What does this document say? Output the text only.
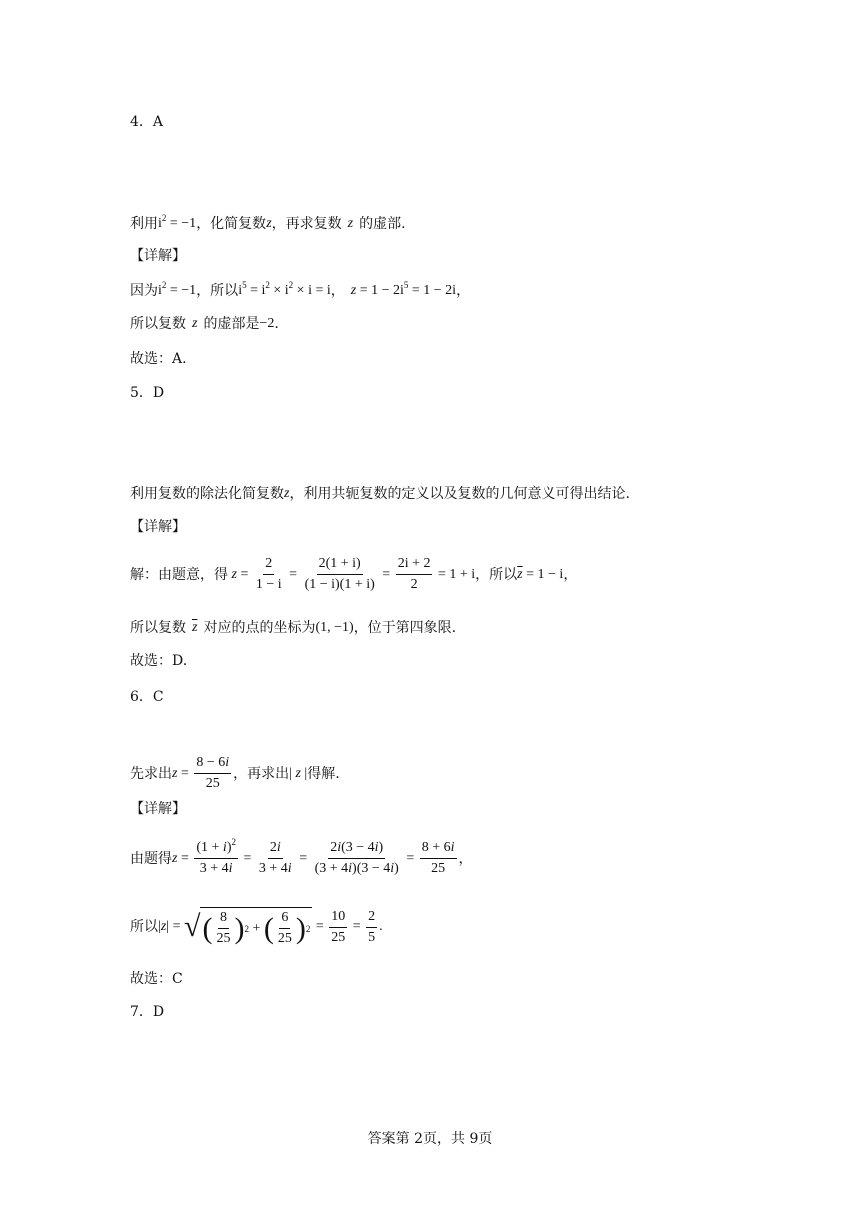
4．A
利用 $i^2 = -1$ ，化简复数 z ，再求复数 z 的虚部.
【详解】
因为 $i^2 = -1$ ，所以 $i^5 = i^2 \times i^2 \times i = i$ ， $z = 1 - 2i^5 = 1 - 2i$ ，
所以复数 z 的虚部是 −2 .
故选：A.
5．D
利用复数的除法化简复数 z ，利用共轭复数的定义以及复数的几何意义可得出结论.
【详解】
解：由题意，得 $z = \frac{2}{1 - i} = \frac{2(1 + i)}{(1 - i)(1 + i)} = \frac{2i + 2}{2} = 1 + i$ ，所以 $\overline{z} = 1 - i$ ，
所以复数 $\overline{z}$ 对应的点的坐标为 (1, −1) ，位于第四象限.
故选：D.
6．C
先求出 $z = \frac{8 - 6i}{25}$ ，再求出 | z | 得解.
【详解】
由题得 $z = \frac{(1 + i)^2}{3 + 4i} = \frac{2i}{3 + 4i} = \frac{2i(3 - 4i)}{(3 + 4i)(3 - 4i)} = \frac{8 + 6i}{25}$ ，
所以 |z| = √ ( $\frac{8}{25}$ ) 2 + ( $\frac{6}{25}$ ) $2 = \frac{10}{25} = \frac{2}{5}$ .
故选：C
7．D
答案第 2页，共 9页
